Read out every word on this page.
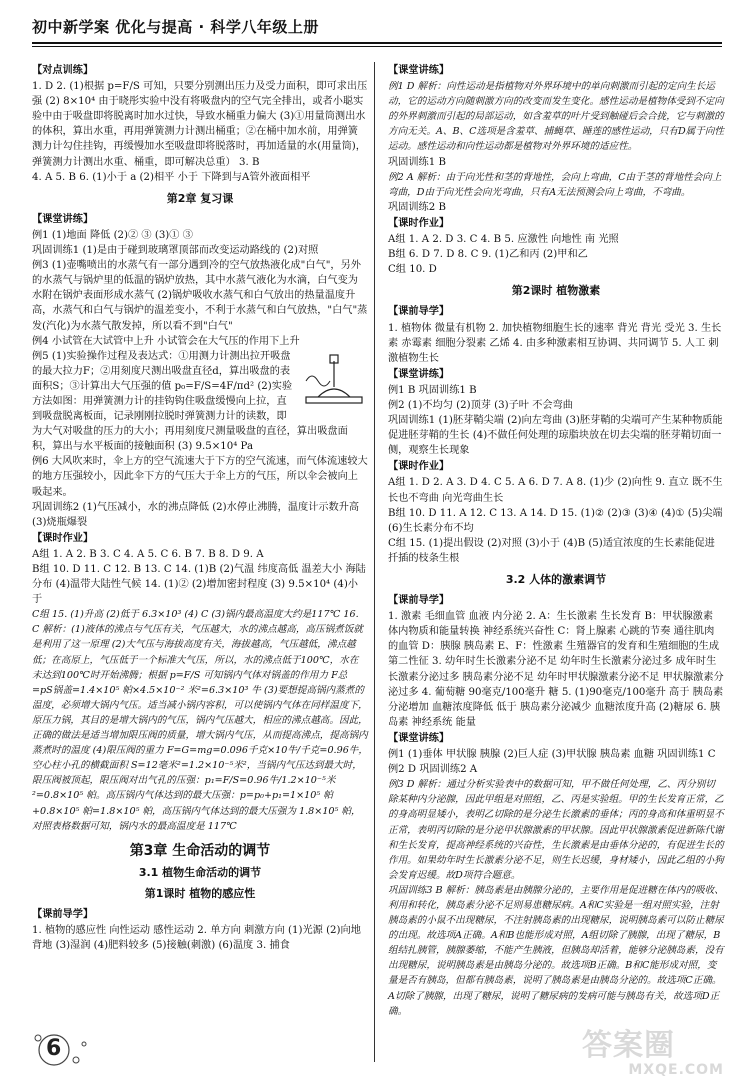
初中新学案 优化与提高 · 科学八年级上册
【 对点训练 】

1. D 2. (1)根据 p=F/S 可知，只要分别测出压力及受力面积，即可求出压强 (2) 8×10⁴ 由于晓彤实验中没有将吸盘内的空气完全排出，或者小聪实验中由于吸盘即将脱离时加水过快，导致水桶重力偏大 (3)①用量筒测出水的体积，算出水重，再用弹簧测力计测出桶重；②在桶中加水前，用弹簧测力计勾住挂钩，再缓慢加水至吸盘即将脱落时，再加适量的水(用量筒)，弹簧测力计测出水重、桶重，即可解决总重） 3. B

4. A 5. B 6. (1)小于 a (2)相平 小于 下降到与A管外液面相平

第2章 复习课
【 课堂讲练 】

例1 (1)地面 降低 (2)② ③ (3)① ③

巩固训练1 (1)是由于碰到玻璃罩顶部而改变运动路线的 (2)对照

例3 (1)壶嘴喷出的水蒸气有一部分遇到冷的空气放热液化成"白气"，另外的水蒸气与锅炉里的低温的锅炉放热，其中水蒸气液化为水滴，白气变为水附在锅炉表面形成水蒸气 (2)锅炉吸收水蒸气和白气放出的热量温度升高，水蒸气和白气与锅炉的温差变小，不利于水蒸气和白气放热，"白气"蒸发(汽化)为水蒸气散发掉，所以看不到"白气"

例4 小试管在大试管中上升 小试管会在大气压的作用下上升

例5 (1)实验操作过程及表达式：①用测力计测出拉开吸盘的最大拉力F；②用刻度尺测出吸盘直径d，算出吸盘的表面积S；③计算出大气压强的值 p₀=F/S=4F/πd² (2)实验方法如图：用弹簧测力计的挂钩钩住吸盘缓慢向上拉，直到吸盘脱离板面，记录刚刚拉脱时弹簧测力计的读数，即为大气对吸盘的压力的大小；再用刻度尺测量吸盘的直径，算出吸盘面积，算出与水平板面的接触面积 (3) 9.5×10⁴ Pa

例6 大风吹来时，伞上方的空气流速大于下方的空气流速，而气体流速较大的地方压强较小，因此伞下方的气压大于伞上方的气压，所以伞会被向上吸起来。

巩固训练2 (1)气压减小，水的沸点降低 (2)水停止沸腾，温度计示数升高 (3)烧瓶爆裂

【 课时作业 】

A组 1. A 2. B 3. C 4. A 5. C 6. B 7. B 8. D 9. A

B组 10. D 11. C 12. B 13. C 14. (1)B (2)气温 纬度高低 温差大小 海陆分布 (4)温带大陆性气候 14. (1)② (2)增加密封程度 (3) 9.5×10⁴ (4)小于

C组 15. (1)升高 (2)低于 6.3×10³ (4) C (3)锅内最高温度大约是117℃ 16. C 解析：(1)液体的沸点与气压有关，气压越大，水的沸点越高，高压锅煮饭就是利用了这一原理 (2)大气压与海拔高度有关，海拔越高，气压越低，沸点越低；在高原上，气压低于一个标准大气压，所以，水的沸点低于100℃，水在未达到100℃时开始沸腾；根据 p=F/S 可知锅内气体对锅盖的作用力 F总=pS锅盖=1.4×10⁵ 帕×4.5×10⁻² 米²=6.3×10³ 牛 (3)要想提高锅内蒸煮的温度，必须增大锅内气压。适当减小锅内容积，可以使锅内气体在同样温度下，原压力锅，其目的是增大锅内的气压，锅内气压越大，相应的沸点越高。因此，正确的做法是适当增加限压阀的质量，增大锅内气压，从而提高沸点，提高锅内蒸煮时的温度 (4)限压阀的重力 F=G=mg=0.096千克×10牛/千克=0.96牛，空心柱小孔的横截面积 S=12毫米²=1.2×10⁻⁵米²，当锅内气压达到最大时，限压阀被顶起，限压阀对出气孔的压强：p₁=F/S=0.96牛/1.2×10⁻⁵米²=0.8×10⁵ 帕。高压锅内气体达到的最大压强：p=p₀+p₁=1×10⁵ 帕+0.8×10⁵ 帕=1.8×10⁵ 帕，高压锅内气体达到的最大压强为 1.8×10⁵ 帕，对照表格数据可知，锅内水的最高温度是 117℃

第3章 生命活动的调节
3.1 植物生命活动的调节
第1课时 植物的感应性
【 课前导学 】

1. 植物的感应性 向性运动 感性运动 2. 单方向 刺激方向 (1)光源 (2)向地 背地 (3)湿润 (4)肥料较多 (5)接触(刺激) (6)温度 3. 捕食

【 课堂讲练 】

例1 D 解析：向性运动是指植物对外界环境中的单向刺激而引起的定向生长运动，它的运动方向随刺激方向的改变而发生变化。感性运动是植物体受到不定向的外界刺激而引起的局部运动，如含羞草的叶片受到触碰后会合拢，它与刺激的方向无关。A、B、C选项是含羞草、捕蝇草、睡莲的感性运动，只有D属于向性运动。感性运动和向性运动都是植物对外界环境的适应性。

巩固训练1 B

例2 A 解析：由于向光性和茎的背地性，会向上弯曲，C由于茎的背地性会向上弯曲，D由于向光性会向光弯曲，只有A无法预测会向上弯曲，不弯曲。

巩固训练2 B

【 课时作业 】

A组 1. A 2. D 3. C 4. B 5. 应激性 向地性 南 光照

B组 6. D 7. D 8. C 9. (1)乙和丙 (2)甲和乙

C组 10. D

第2课时 植物激素
【 课前导学 】

1. 植物体 微量有机物 2. 加快植物细胞生长的速率 背光 背光 受光 3. 生长素 赤霉素 细胞分裂素 乙烯 4. 由多种激素相互协调、共同调节 5. 人工 刺激植物生长

【 课堂讲练 】

例1 B 巩固训练1 B

例2 (1)不均匀 (2)顶芽 (3)子叶 不会弯曲

巩固训练1 (1)胚芽鞘尖端 (2)向左弯曲 (3)胚芽鞘的尖端可产生某种物质能促进胚芽鞘的生长 (4)不做任何处理的琼脂块放在切去尖端的胚芽鞘切面一侧，观察生长现象

【 课时作业 】

A组 1. D 2. A 3. D 4. C 5. A 6. D 7. A 8. (1)少 (2)向性 9. 直立 既不生长也不弯曲 向光弯曲生长

B组 10. D 11. A 12. C 13. A 14. D 15. (1)② (2)③ (3)④ (4)① (5)尖端 (6)生长素分布不均

C组 15. (1)提出假设 (2)对照 (3)小于 (4)B (5)适宜浓度的生长素能促进扦插的枝条生根

3.2 人体的激素调节
【 课前导学 】

1. 激素 毛细血管 血液 内分泌 2. A：生长激素 生长发育 B：甲状腺激素 体内物质和能量转换 神经系统兴奋性 C：肾上腺素 心跳的节奏 通往肌肉的血管 D：胰腺 胰岛素 E、F：性激素 生殖器官的发育和生殖细胞的生成 第二性征 3. 幼年时生长激素分泌不足 幼年时生长激素分泌过多 成年时生长激素分泌过多 胰岛素分泌不足 幼年时甲状腺激素分泌不足 甲状腺激素分泌过多 4. 葡萄糖 90毫克/100毫升 糖 5. (1)90毫克/100毫升 高于 胰岛素分泌增加 血糖浓度降低 低于 胰岛素分泌减少 血糖浓度升高 (2)糖尿 6. 胰岛素 神经系统 能量

【 课堂讲练 】

例1 (1)垂体 甲状腺 胰腺 (2)巨人症 (3)甲状腺 胰岛素 血糖 巩固训练1 C

例2 D 巩固训练2 A

例3 D 解析：通过分析实验表中的数据可知，甲不做任何处理，乙、丙分别切除某种内分泌腺，因此甲组是对照组，乙、丙是实验组。甲的生长发育正常，乙的身高明显矮小，表明乙切除的是分泌生长激素的垂体；丙的身高和体重明显不正常，表明丙切除的是分泌甲状腺激素的甲状腺。因此甲状腺激素促进新陈代谢和生长发育，提高神经系统的兴奋性，生长激素是由垂体分泌的，有促进生长的作用。如果幼年时生长激素分泌不足，则生长迟缓，身材矮小，因此乙组的小狗会发育迟缓。故D项符合题意。

巩固训练3 B 解析：胰岛素是由胰腺分泌的，主要作用是促进糖在体内的吸收、利用和转化，胰岛素分泌不足则易患糖尿病。A和C实验是一组对照实验，注射胰岛素的小鼠不出现糖尿，不注射胰岛素的出现糖尿，说明胰岛素可以防止糖尿的出现。故选项A正确。A和B也能形成对照，A组切除了胰腺，出现了糖尿，B组结扎胰管，胰腺萎缩，不能产生胰液，但胰岛却活着，能够分泌胰岛素，没有出现糖尿，说明胰岛素是由胰岛分泌的。故选项B正确。B和C能形成对照，变量是否有胰岛，但都有胰岛素，说明了胰岛素是由胰岛分泌的。故选项C正确。A切除了胰腺，出现了糖尿，说明了糖尿病的发病可能与胰岛有关，故选项D正确。

6	答案圈
MXQE.COM
